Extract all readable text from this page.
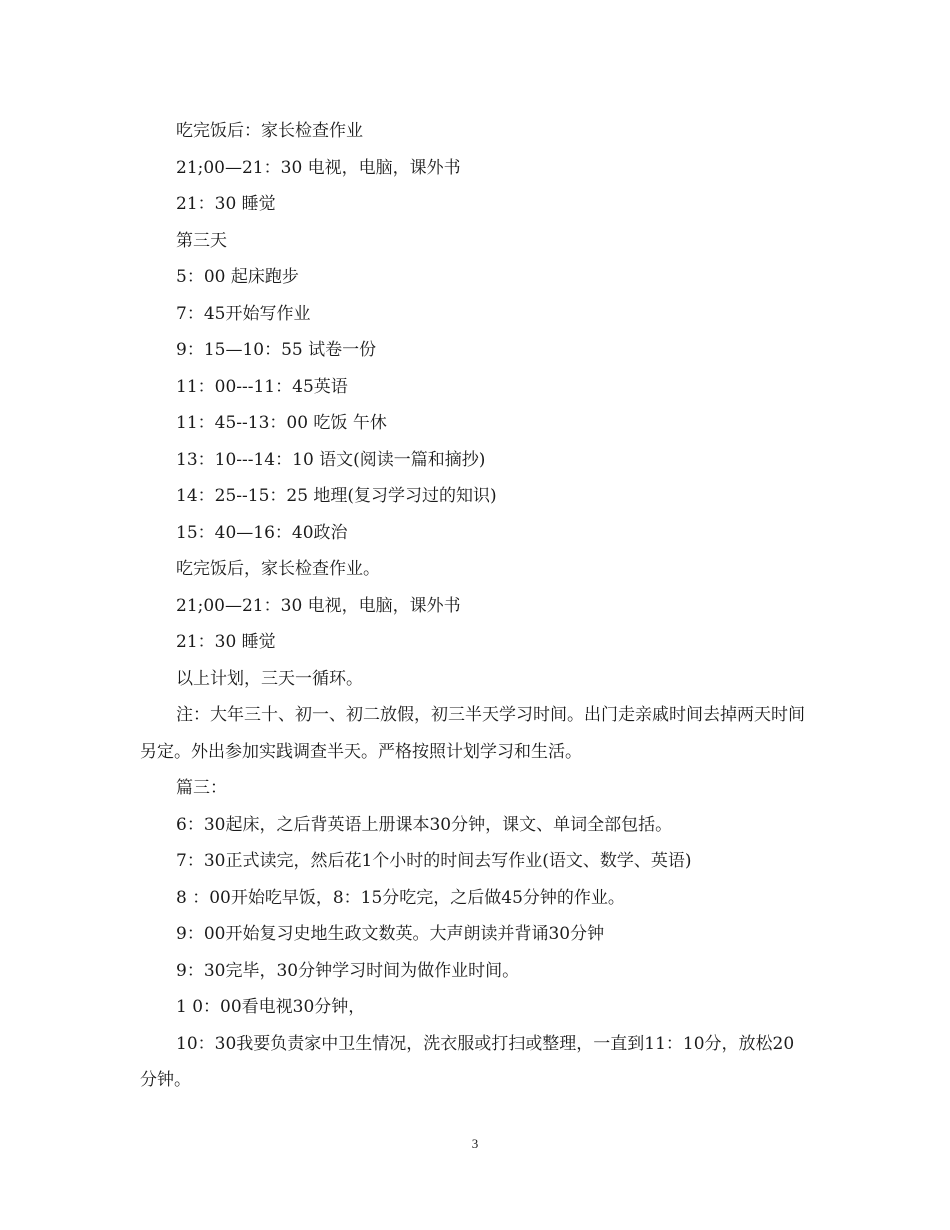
吃完饭后：家长检查作业

21;00—21：30 电视，电脑，课外书

21：30 睡觉

第三天

5：00 起床跑步

7：45开始写作业

9：15—10：55 试卷一份

11：00---11：45英语

11：45--13：00 吃饭 午休

13：10---14：10 语文(阅读一篇和摘抄)

14：25--15：25 地理(复习学习过的知识)

15：40—16：40政治

吃完饭后，家长检查作业。

21;00—21：30 电视，电脑，课外书

21：30 睡觉

以上计划，三天一循环。

注：大年三十、初一、初二放假，初三半天学习时间。出门走亲戚时间去掉两天时间另定。外出参加实践调查半天。严格按照计划学习和生活。

篇三：

6：30起床，之后背英语上册课本30分钟，课文、单词全部包括。

7：30正式读完，然后花1个小时的时间去写作业(语文、数学、英语)

8 ：00开始吃早饭，8：15分吃完，之后做45分钟的作业。

9：00开始复习史地生政文数英。大声朗读并背诵30分钟

9：30完毕，30分钟学习时间为做作业时间。

1 0：00看电视30分钟，

10：30我要负责家中卫生情况，洗衣服或打扫或整理，一直到11：10分，放松20分钟。

3
